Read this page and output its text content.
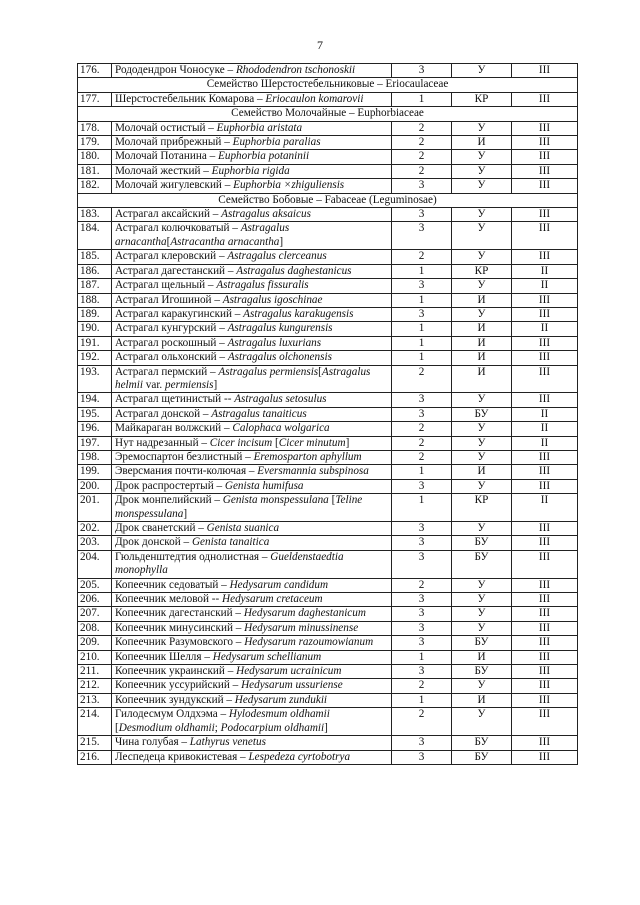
7
176.	Рододендрон Чоносуке – Rhododendron tschonoskii	3	У	III
Семейство Шерстостебельниковые – Eriocaulaceae				
177.	Шерстостебельник Комарова – Eriocaulon komarovii	1	КР	III
Семейство Молочайные – Euphorbiaceae				
178.	Молочай остистый – Euphorbia aristata	2	У	III
179.	Молочай прибрежный – Euphorbia paralias	2	И	III
180.	Молочай Потанина – Euphorbia potaninii	2	У	III
181.	Молочай жесткий – Euphorbia rigida	2	У	III
182.	Молочай жигулевский – Euphorbia ×zhiguliensis	3	У	III
Семейство Бобовые – Fabaceae (Leguminosae)				
183.	Астрагал аксайский – Astragalus aksaicus	3	У	III
184.	Астрагал колючковатый – Astragalus arnacantha[Astracantha arnacantha]	3	У	III
185.	Астрагал клеровский – Astragalus clerceanus	2	У	III
186.	Астрагал дагестанский – Astragalus daghestanicus	1	КР	II
187.	Астрагал щельный – Astragalus fissuralis	3	У	II
188.	Астрагал Игошиной – Astragalus igoschinae	1	И	III
189.	Астрагал каракугинский – Astragalus karakugensis	3	У	III
190.	Астрагал кунгурский – Astragalus kungurensis	1	И	II
191.	Астрагал роскошный – Astragalus luxurians	1	И	III
192.	Астрагал ольхонский – Astragalus olchonensis	1	И	III
193.	Астрагал пермский – Astragalus permiensis[Astragalus helmii var. permiensis]	2	И	III
194.	Астрагал щетинистый -- Astragalus setosulus	3	У	III
195.	Астрагал донской – Astragalus tanaiticus	3	БУ	II
196.	Майкараган волжский – Calophaca wolgarica	2	У	II
197.	Нут надрезанный – Cicer incisum [Cicer minutum]	2	У	II
198.	Эремоспартон безлистный – Eremosparton aphyllum	2	У	III
199.	Эверсмания почти-колючая – Eversmannia subspinosa	1	И	III
200.	Дрок распростертый – Genista humifusa	3	У	III
201.	Дрок монпелийский – Genista monspessulana [Teline monspessulana]	1	КР	II
202.	Дрок сванетский – Genista suanica	3	У	III
203.	Дрок донской – Genista tanaitica	3	БУ	III
204.	Гюльденштедтия однолистная – Gueldenstaedtia monophylla	3	БУ	III
205.	Копеечник седоватый – Hedysarum candidum	2	У	III
206.	Копеечник меловой -- Hedysarum cretaceum	3	У	III
207.	Копеечник дагестанский – Hedysarum daghestanicum	3	У	III
208.	Копеечник минусинский – Hedysarum minussinense	3	У	III
209.	Копеечник Разумовского – Hedysarum razoumowianum	3	БУ	III
210.	Копеечник Шелля – Hedysarum schellianum	1	И	III
211.	Копеечник украинский – Hedysarum ucrainicum	3	БУ	III
212.	Копеечник уссурийский – Hedysarum ussuriense	2	У	III
213.	Копеечник зундукский – Hedysarum zundukii	1	И	III
214.	Гилодесмум Олдхэма – Hylodesmum oldhamii [Desmodium oldhamii; Podocarpium oldhamii]	2	У	III
215.	Чина голубая – Lathyrus venetus	3	БУ	III
216.	Леспедеца кривокистевая – Lespedeza cyrtobotrya	3	БУ	III
